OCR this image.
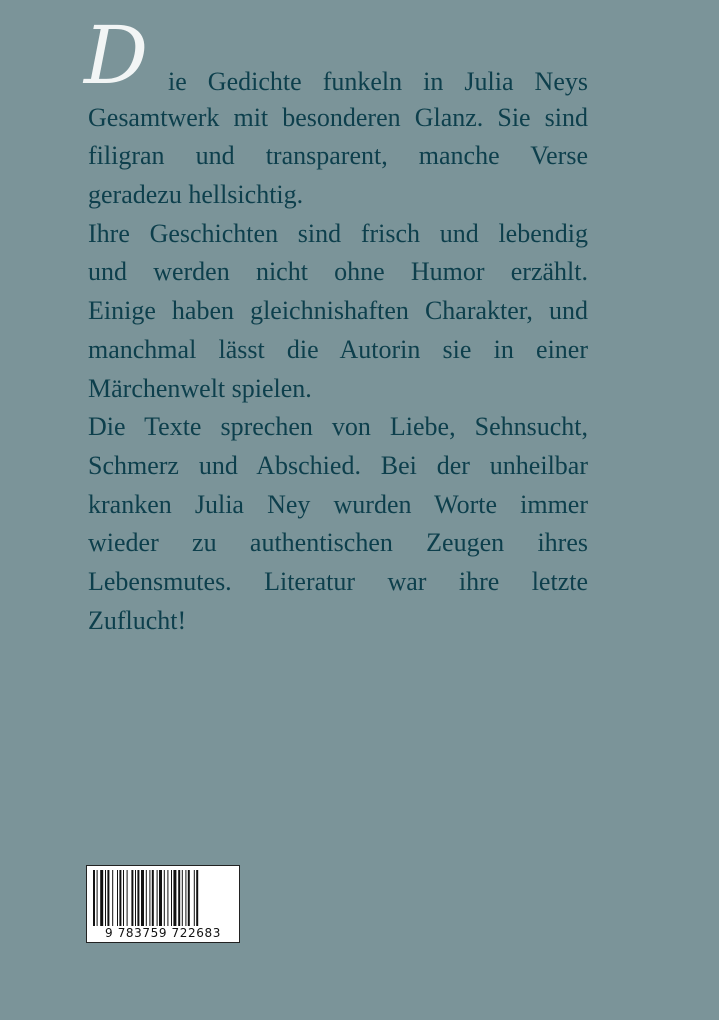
D ie Gedichte funkeln in Julia Neys
Gesamtwerk mit besonderen Glanz. Sie sind
filigran und transparent, manche Verse
geradezu hellsichtig.
Ihre Geschichten sind frisch und lebendig
und werden nicht ohne Humor erzählt.
Einige haben gleichnishaften Charakter, und
manchmal lässt die Autorin sie in einer
Märchenwelt spielen.
Die Texte sprechen von Liebe, Sehnsucht,
Schmerz und Abschied. Bei der unheilbar
kranken Julia Ney wurden Worte immer
wieder zu authentischen Zeugen ihres
Lebensmutes. Literatur war ihre letzte
Zuflucht!
9 783759 722683
